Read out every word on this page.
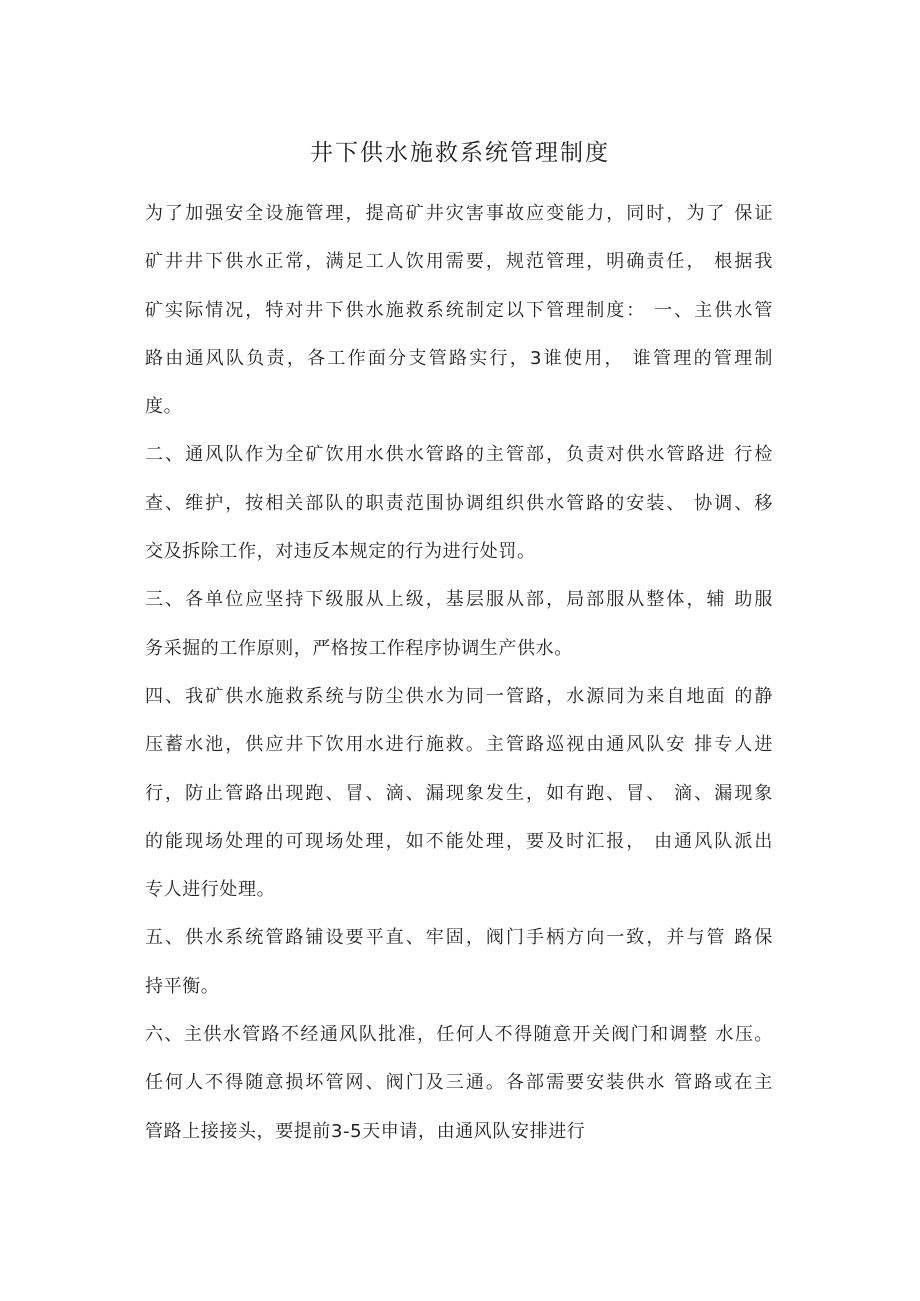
井下供水施救系统管理制度
为了加强安全设施管理，提高矿井灾害事故应变能力，同时，为了 保证
矿井井下供水正常，满足工人饮用需要，规范管理，明确责任， 根据我
矿实际情况，特对井下供水施救系统制定以下管理制度： 一、主供水管
路由通风队负责，各工作面分支管路实行，3谁使用， 谁管理的管理制
度。
二、通风队作为全矿饮用水供水管路的主管部，负责对供水管路进 行检
查、维护，按相关部队的职责范围协调组织供水管路的安装、 协调、移
交及拆除工作，对违反本规定的行为进行处罚。
三、各单位应坚持下级服从上级，基层服从部，局部服从整体，辅 助服
务采掘的工作原则，严格按工作程序协调生产供水。
四、我矿供水施救系统与防尘供水为同一管路，水源同为来自地面 的静
压蓄水池，供应井下饮用水进行施救。主管路巡视由通风队安 排专人进
行，防止管路出现跑、冒、滴、漏现象发生，如有跑、冒、 滴、漏现象
的能现场处理的可现场处理，如不能处理，要及时汇报， 由通风队派出
专人进行处理。
五、供水系统管路铺设要平直、牢固，阀门手柄方向一致，并与管 路保
持平衡。
六、主供水管路不经通风队批准，任何人不得随意开关阀门和调整 水压。
任何人不得随意损坏管网、阀门及三通。各部需要安装供水 管路或在主
管路上接接头，要提前3-5天申请，由通风队安排进行
